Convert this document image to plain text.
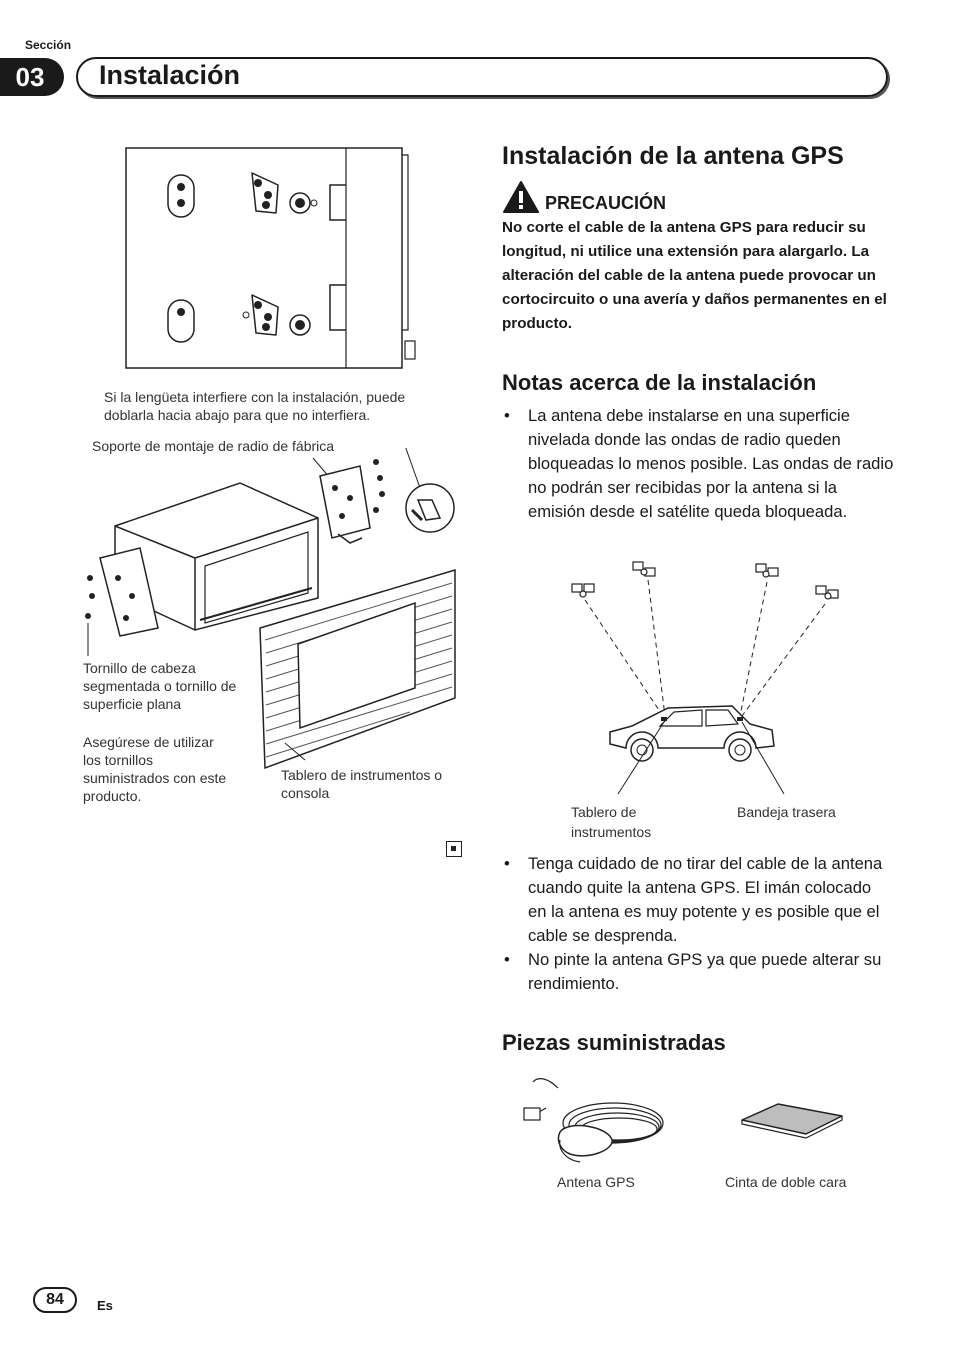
Sección
03	Instalación
Si la lengüeta interfiere con la instalación, puede doblarla hacia abajo para que no interfiera.
Soporte de montaje de radio de fábrica
Tornillo de cabeza segmentada o tornillo de superficie plana
Asegúrese de utilizar los tornillos suministrados con este producto.
Tablero de instrumentos o consola
Instalación de la antena GPS
PRECAUCIÓN
No corte el cable de la antena GPS para reducir su longitud, ni utilice una extensión para alargarlo. La alteración del cable de la antena puede provocar un cortocircuito o una avería y daños permanentes en el producto.
Notas acerca de la instalación
• La antena debe instalarse en una superficie nivelada donde las ondas de radio queden bloqueadas lo menos posible. Las ondas de radio no podrán ser recibidas por la antena si la emisión desde el satélite queda bloqueada.
Tablero de instrumentos
Bandeja trasera
• Tenga cuidado de no tirar del cable de la antena cuando quite la antena GPS. El imán colocado en la antena es muy potente y es posible que el cable se desprenda.
• No pinte la antena GPS ya que puede alterar su rendimiento.
Piezas suministradas
Antena GPS	Cinta de doble cara
84	Es
